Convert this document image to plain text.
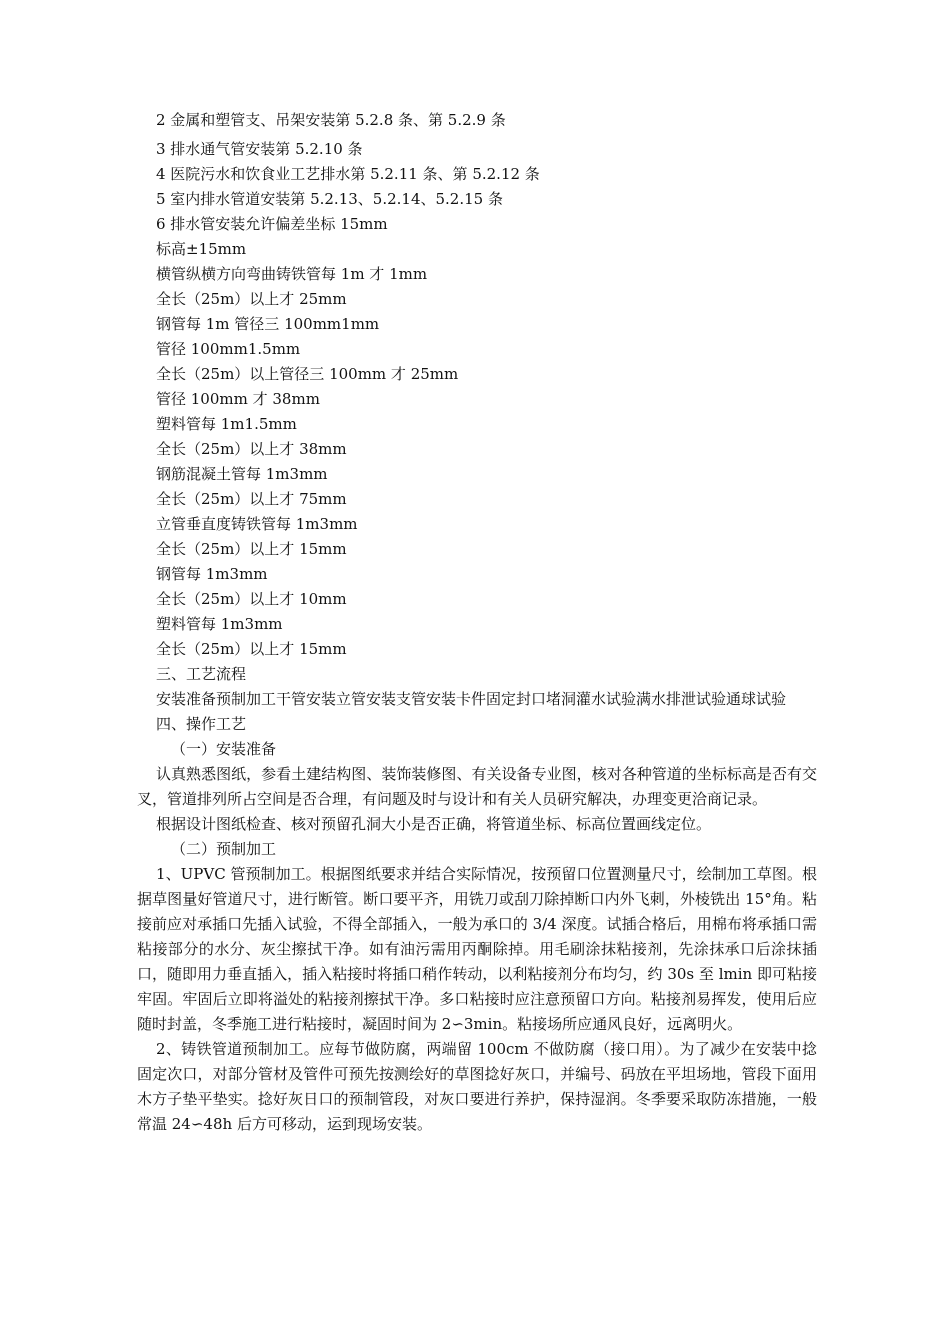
2 金属和塑管支、吊架安装第 5.2.8 条、第 5.2.9 条
3 排水通气管安装第 5.2.10 条
4 医院污水和饮食业工艺排水第 5.2.11 条、第 5.2.12 条
5 室内排水管道安装第 5.2.13、5.2.14、5.2.15 条
6 排水管安装允许偏差坐标 15mm
标高±15mm
横管纵横方向弯曲铸铁管每 1m 才 1mm
全长（25m）以上才 25mm
钢管每 1m 管径三 100mm1mm
管径 100mm1.5mm
全长（25m）以上管径三 100mm 才 25mm
管径 100mm 才 38mm
塑料管每 1m1.5mm
全长（25m）以上才 38mm
钢筋混凝土管每 1m3mm
全长（25m）以上才 75mm
立管垂直度铸铁管每 1m3mm
全长（25m）以上才 15mm
钢管每 1m3mm
全长（25m）以上才 10mm
塑料管每 1m3mm
全长（25m）以上才 15mm
三、工艺流程

安装准备预制加工干管安装立管安装支管安装卡件固定封口堵洞灌水试验满水排泄试验通球试验

四、操作工艺
（一）安装准备

认真熟悉图纸，参看土建结构图、装饰装修图、有关设备专业图，核对各种管道的坐标标高是否有交叉，管道排列所占空间是否合理，有问题及时与设计和有关人员研究解决，办理变更洽商记录。

根据设计图纸检查、核对预留孔洞大小是否正确，将管道坐标、标高位置画线定位。

（二）预制加工

1、UPVC 管预制加工。根据图纸要求并结合实际情况，按预留口位置测量尺寸，绘制加工草图。根据草图量好管道尺寸，进行断管。断口要平齐，用铣刀或刮刀除掉断口内外飞刺，外棱铣出 15°角。粘接前应对承插口先插入试验，不得全部插入，一般为承口的 3/4 深度。试插合格后，用棉布将承插口需粘接部分的水分、灰尘擦拭干净。如有油污需用丙酮除掉。用毛刷涂抹粘接剂，先涂抹承口后涂抹插口，随即用力垂直插入，插入粘接时将插口稍作转动，以利粘接剂分布均匀，约 30s 至 lmin 即可粘接牢固。牢固后立即将溢处的粘接剂擦拭干净。多口粘接时应注意预留口方向。粘接剂易挥发，使用后应随时封盖，冬季施工进行粘接时，凝固时间为 2∽3min。粘接场所应通风良好，远离明火。

2、铸铁管道预制加工。应每节做防腐，两端留 100cm 不做防腐（接口用）。为了减少在安装中捻固定次口，对部分管材及管件可预先按测绘好的草图捻好灰口，并编号、码放在平坦场地，管段下面用木方子垫平垫实。捻好灰日口的预制管段，对灰口要进行养护，保持湿润。冬季要采取防冻措施，一般常温 24∽48h 后方可移动，运到现场安装。
